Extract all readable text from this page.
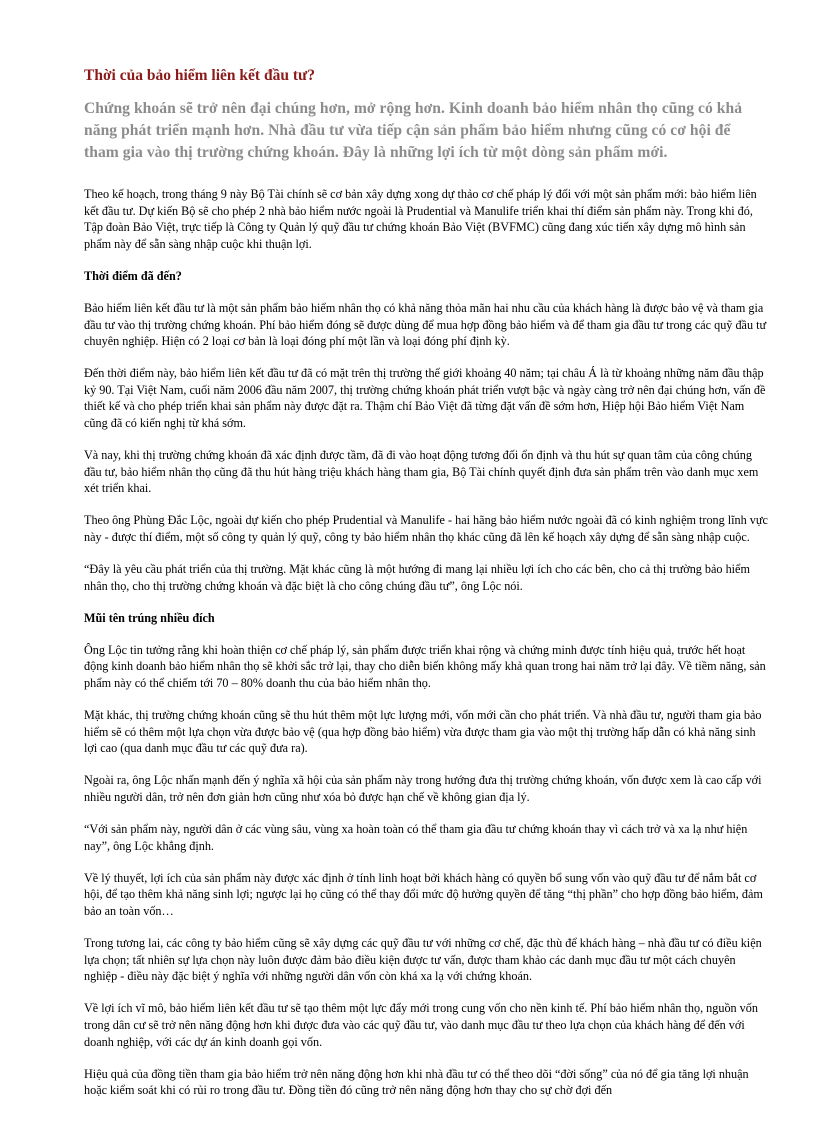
Thời của bảo hiểm liên kết đầu tư?
Chứng khoán sẽ trở nên đại chúng hơn, mở rộng hơn. Kinh doanh bảo hiểm nhân thọ cũng có khả năng phát triển mạnh hơn. Nhà đầu tư vừa tiếp cận sản phẩm bảo hiểm nhưng cũng có cơ hội để tham gia vào thị trường chứng khoán. Đây là những lợi ích từ một dòng sản phẩm mới.
Theo kế hoạch, trong tháng 9 này Bộ Tài chính sẽ cơ bản xây dựng xong dự thảo cơ chế pháp lý đối với một sản phẩm mới: bảo hiểm liên kết đầu tư. Dự kiến Bộ sẽ cho phép 2 nhà bảo hiểm nước ngoài là Prudential và Manulife triển khai thí điểm sản phẩm này. Trong khi đó, Tập đoàn Bảo Việt, trực tiếp là Công ty Quản lý quỹ đầu tư chứng khoán Bảo Việt (BVFMC) cũng đang xúc tiến xây dựng mô hình sản phẩm này để sẵn sàng nhập cuộc khi thuận lợi.
Thời điểm đã đến?
Bảo hiểm liên kết đầu tư là một sản phẩm bảo hiểm nhân thọ có khả năng thỏa mãn hai nhu cầu của khách hàng là được bảo vệ và tham gia đầu tư vào thị trường chứng khoán. Phí bảo hiểm đóng sẽ được dùng để mua hợp đồng bảo hiểm và để tham gia đầu tư trong các quỹ đầu tư chuyên nghiệp. Hiện có 2 loại cơ bản là loại đóng phí một lần và loại đóng phí định kỳ.
Đến thời điểm này, bảo hiểm liên kết đầu tư đã có mặt trên thị trường thế giới khoảng 40 năm; tại châu Á là từ khoảng những năm đầu thập kỷ 90. Tại Việt Nam, cuối năm 2006 đầu năm 2007, thị trường chứng khoán phát triển vượt bậc và ngày càng trở nên đại chúng hơn, vấn đề thiết kế và cho phép triển khai sản phẩm này được đặt ra. Thậm chí Bảo Việt đã từng đặt vấn đề sớm hơn, Hiệp hội Bảo hiểm Việt Nam cũng đã có kiến nghị từ khá sớm.
Và nay, khi thị trường chứng khoán đã xác định được tầm, đã đi vào hoạt động tương đối ổn định và thu hút sự quan tâm của công chúng đầu tư, bảo hiểm nhân thọ cũng đã thu hút hàng triệu khách hàng tham gia, Bộ Tài chính quyết định đưa sản phẩm trên vào danh mục xem xét triển khai.
Theo ông Phùng Đắc Lộc, ngoài dự kiến cho phép Prudential và Manulife - hai hãng bảo hiểm nước ngoài đã có kinh nghiệm trong lĩnh vực này - được thí điểm, một số công ty quản lý quỹ, công ty bảo hiểm nhân thọ khác cũng đã lên kế hoạch xây dựng để sẵn sàng nhập cuộc.
“Đây là yêu cầu phát triển của thị trường. Mặt khác cũng là một hướng đi mang lại nhiều lợi ích cho các bên, cho cả thị trường bảo hiểm nhân thọ, cho thị trường chứng khoán và đặc biệt là cho công chúng đầu tư”, ông Lộc nói.
Mũi tên trúng nhiều đích
Ông Lộc tin tưởng rằng khi hoàn thiện cơ chế pháp lý, sản phẩm được triển khai rộng và chứng minh được tính hiệu quả, trước hết hoạt động kinh doanh bảo hiểm nhân thọ sẽ khởi sắc trở lại, thay cho diễn biến không mấy khả quan trong hai năm trở lại đây. Về tiềm năng, sản phẩm này có thể chiếm tới 70 – 80% doanh thu của bảo hiểm nhân thọ.
Mặt khác, thị trường chứng khoán cũng sẽ thu hút thêm một lực lượng mới, vốn mới cần cho phát triển. Và nhà đầu tư, người tham gia bảo hiểm sẽ có thêm một lựa chọn vừa được bảo vệ (qua hợp đồng bảo hiểm) vừa được tham gia vào một thị trường hấp dẫn có khả năng sinh lợi cao (qua danh mục đầu tư các quỹ đưa ra).
Ngoài ra, ông Lộc nhấn mạnh đến ý nghĩa xã hội của sản phẩm này trong hướng đưa thị trường chứng khoán, vốn được xem là cao cấp với nhiều người dân, trở nên đơn giản hơn cũng như xóa bỏ được hạn chế về không gian địa lý.
“Với sản phẩm này, người dân ở các vùng sâu, vùng xa hoàn toàn có thể tham gia đầu tư chứng khoán thay vì cách trở và xa lạ như hiện nay”, ông Lộc khẳng định.
Về lý thuyết, lợi ích của sản phẩm này được xác định ở tính linh hoạt bởi khách hàng có quyền bổ sung vốn vào quỹ đầu tư để nắm bắt cơ hội, để tạo thêm khả năng sinh lợi; ngược lại họ cũng có thể thay đổi mức độ hưởng quyền để tăng “thị phần” cho hợp đồng bảo hiểm, đảm bảo an toàn vốn…
Trong tương lai, các công ty bảo hiểm cũng sẽ xây dựng các quỹ đầu tư với những cơ chế, đặc thù để khách hàng – nhà đầu tư có điều kiện lựa chọn; tất nhiên sự lựa chọn này luôn được đảm bảo điều kiện được tư vấn, được tham khảo các danh mục đầu tư một cách chuyên nghiệp - điều này đặc biệt ý nghĩa với những người dân vốn còn khá xa lạ với chứng khoán.
Về lợi ích vĩ mô, bảo hiểm liên kết đầu tư sẽ tạo thêm một lực đẩy mới trong cung vốn cho nền kinh tế. Phí bảo hiểm nhân thọ, nguồn vốn trong dân cư sẽ trở nên năng động hơn khi được đưa vào các quỹ đầu tư, vào danh mục đầu tư theo lựa chọn của khách hàng để đến với doanh nghiệp, với các dự án kinh doanh gọi vốn.
Hiệu quả của đồng tiền tham gia bảo hiểm trở nên năng động hơn khi nhà đầu tư có thể theo dõi “đời sống” của nó để gia tăng lợi nhuận hoặc kiểm soát khi có rủi ro trong đầu tư. Đồng tiền đó cũng trở nên năng động hơn thay cho sự chờ đợi đến
